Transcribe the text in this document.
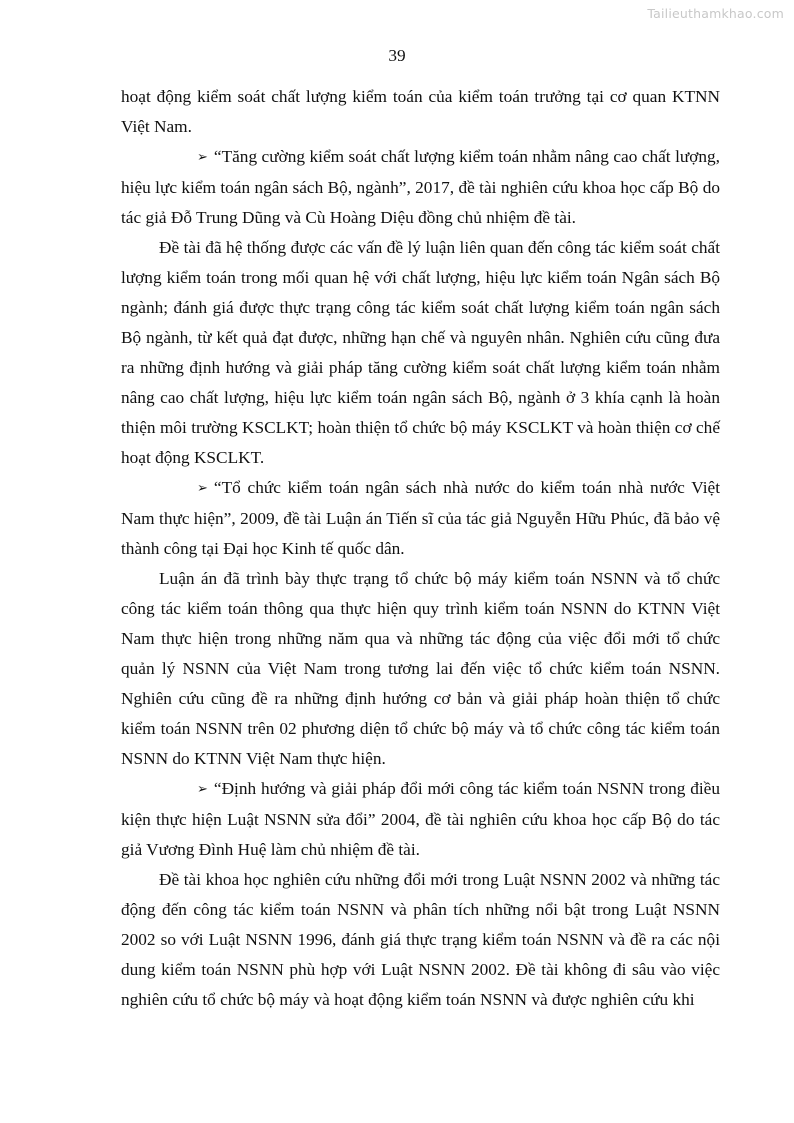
Tailieuthamkhao.com
39

hoạt động kiểm soát chất lượng kiểm toán của kiểm toán trưởng tại cơ quan KTNN Việt Nam.

➢ “Tăng cường kiểm soát chất lượng kiểm toán nhằm nâng cao chất lượng, hiệu lực kiểm toán ngân sách Bộ, ngành”, 2017, đề tài nghiên cứu khoa học cấp Bộ do tác giả Đỗ Trung Dũng và Cù Hoàng Diệu đồng chủ nhiệm đề tài.

Đề tài đã hệ thống được các vấn đề lý luận liên quan đến công tác kiểm soát chất lượng kiểm toán trong mối quan hệ với chất lượng, hiệu lực kiểm toán Ngân sách Bộ ngành; đánh giá được thực trạng công tác kiểm soát chất lượng kiểm toán ngân sách Bộ ngành, từ kết quả đạt được, những hạn chế và nguyên nhân. Nghiên cứu cũng đưa ra những định hướng và giải pháp tăng cường kiểm soát chất lượng kiểm toán nhằm nâng cao chất lượng, hiệu lực kiểm toán ngân sách Bộ, ngành ở 3 khía cạnh là hoàn thiện môi trường KSCLKT; hoàn thiện tổ chức bộ máy KSCLKT và hoàn thiện cơ chế hoạt động KSCLKT.

➢ “Tổ chức kiểm toán ngân sách nhà nước do kiểm toán nhà nước Việt Nam thực hiện”, 2009, đề tài Luận án Tiến sĩ của tác giả Nguyễn Hữu Phúc, đã bảo vệ thành công tại Đại học Kinh tế quốc dân.

Luận án đã trình bày thực trạng tổ chức bộ máy kiểm toán NSNN và tổ chức công tác kiểm toán thông qua thực hiện quy trình kiểm toán NSNN do KTNN Việt Nam thực hiện trong những năm qua và những tác động của việc đổi mới tổ chức quản lý NSNN của Việt Nam trong tương lai đến việc tổ chức kiểm toán NSNN. Nghiên cứu cũng đề ra những định hướng cơ bản và giải pháp hoàn thiện tổ chức kiểm toán NSNN trên 02 phương diện tổ chức bộ máy và tổ chức công tác kiểm toán NSNN do KTNN Việt Nam thực hiện.

➢ “Định hướng và giải pháp đổi mới công tác kiểm toán NSNN trong điều kiện thực hiện Luật NSNN sửa đổi” 2004, đề tài nghiên cứu khoa học cấp Bộ do tác giả Vương Đình Huệ làm chủ nhiệm đề tài.

Đề tài khoa học nghiên cứu những đổi mới trong Luật NSNN 2002 và những tác động đến công tác kiểm toán NSNN và phân tích những nổi bật trong Luật NSNN 2002 so với Luật NSNN 1996, đánh giá thực trạng kiểm toán NSNN và đề ra các nội dung kiểm toán NSNN phù hợp với Luật NSNN 2002. Đề tài không đi sâu vào việc nghiên cứu tổ chức bộ máy và hoạt động kiểm toán NSNN và được nghiên cứu khi
